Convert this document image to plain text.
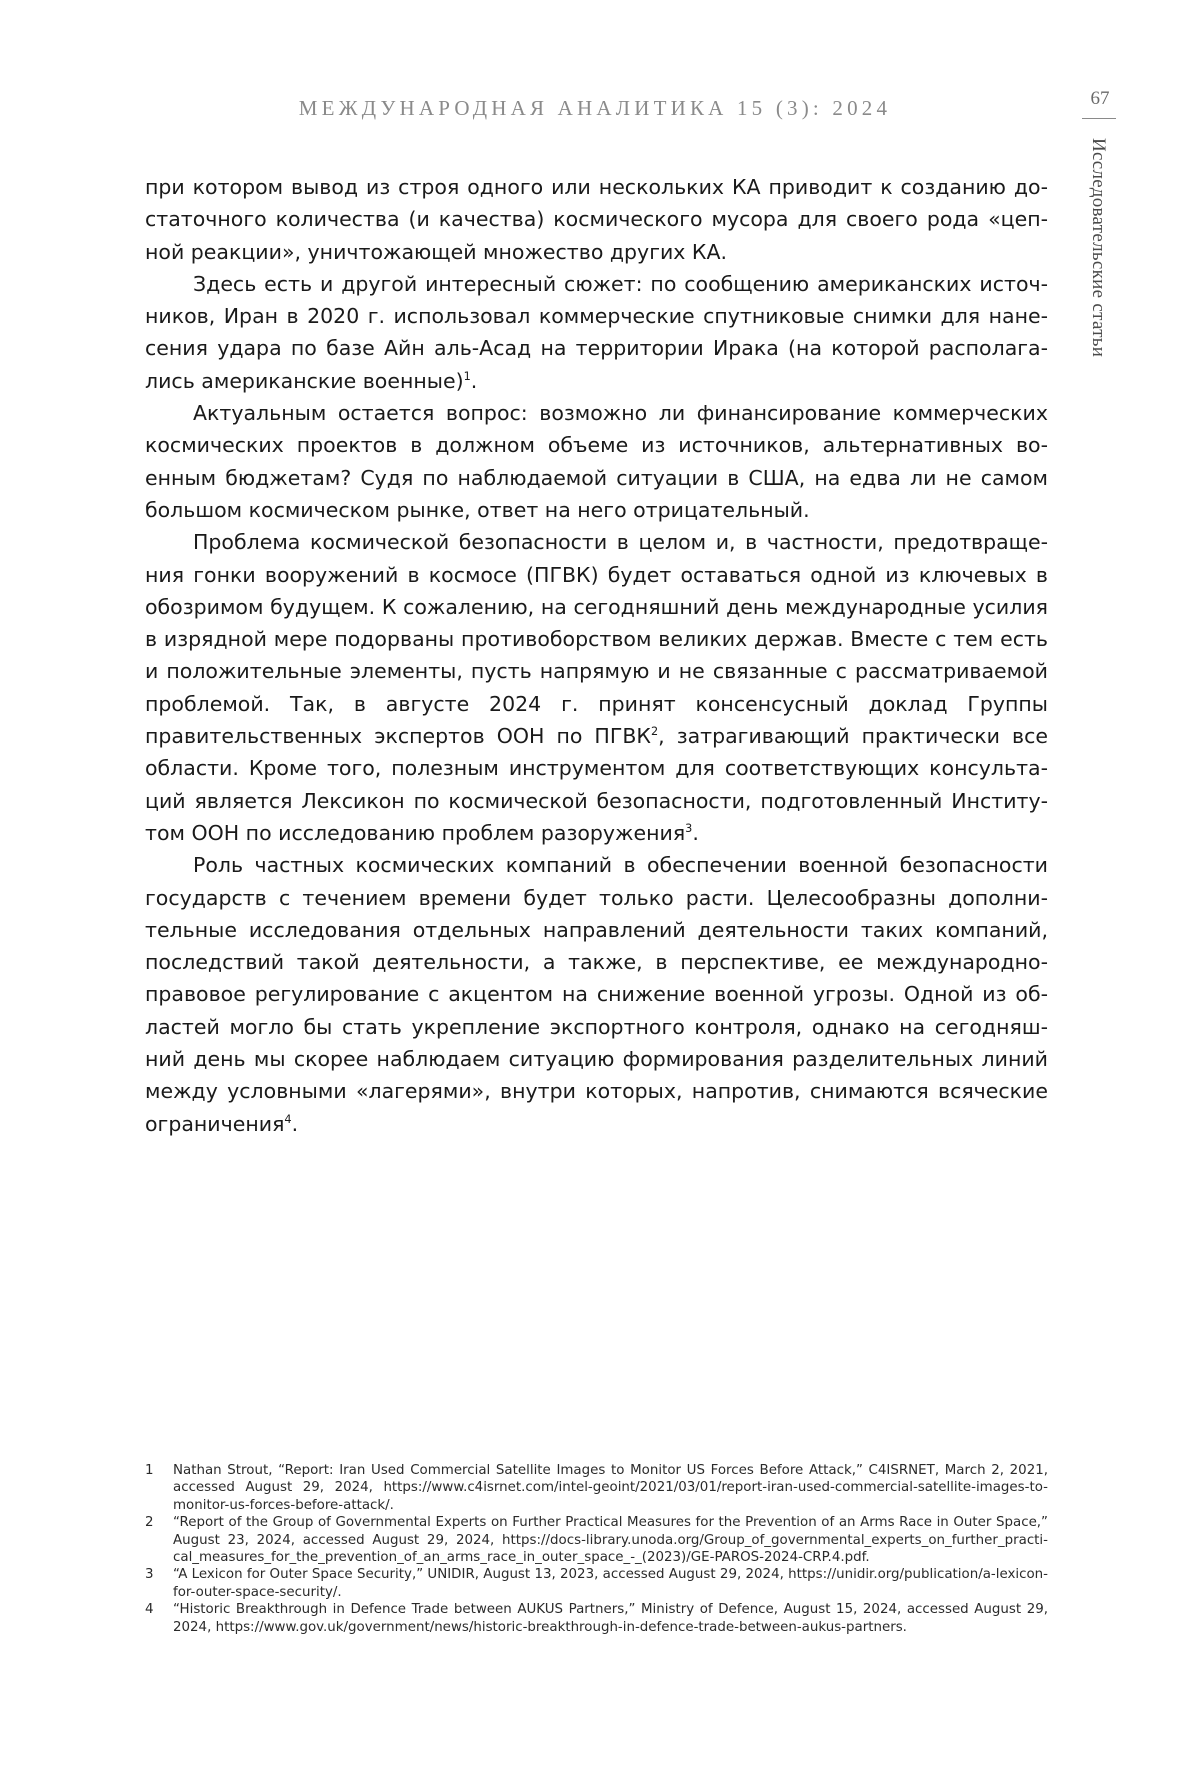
МЕЖДУНАРОДНАЯ АНАЛИТИКА 15 (3): 2024	67
Исследовательские статьи

при котором вывод из строя одного или нескольких КА приводит к созданию достаточного количества (и качества) космического мусора для своего рода «цепной реакции», уничтожающей множество других КА.

Здесь есть и другой интересный сюжет: по сообщению американских источников, Иран в 2020 г. использовал коммерческие спутниковые снимки для нанесения удара по базе Айн аль-Асад на территории Ирака (на которой располагались американские военные)$^1$.

Актуальным остается вопрос: возможно ли финансирование коммерческих космических проектов в должном объеме из источников, альтернативных военным бюджетам? Судя по наблюдаемой ситуации в США, на едва ли не самом большом космическом рынке, ответ на него отрицательный.

Проблема космической безопасности в целом и, в частности, предотвращения гонки вооружений в космосе (ПГВК) будет оставаться одной из ключевых в обозримом будущем. К сожалению, на сегодняшний день международные усилия в изрядной мере подорваны противоборством великих держав. Вместе с тем есть и положительные элементы, пусть напрямую и не связанные с рассматриваемой проблемой. Так, в августе 2024 г. принят консенсусный доклад Группы правительственных экспертов ООН по ПГВК$^2$, затрагивающий практически все области. Кроме того, полезным инструментом для соответствующих консультаций является Лексикон по космической безопасности, подготовленный Институтом ООН по исследованию проблем разоружения$^3$.

Роль частных космических компаний в обеспечении военной безопасности государств с течением времени будет только расти. Целесообразны дополнительные исследования отдельных направлений деятельности таких компаний, последствий такой деятельности, а также, в перспективе, ее международно-правовое регулирование с акцентом на снижение военной угрозы. Одной из областей могло бы стать укрепление экспортного контроля, однако на сегодняшний день мы скорее наблюдаем ситуацию формирования разделительных линий между условными «лагерями», внутри которых, напротив, снимаются всяческие ограничения$^4$.

1	Nathan Strout, “Report: Iran Used Commercial Satellite Images to Monitor US Forces Before Attack,” C4ISRNET, March 2, 2021, accessed August 29, 2024, https://www.c4isrnet.com/intel-geoint/2021/03/01/report-iran-used-commercial-satellite-images-to-monitor-us-forces-before-attack/.
2	“Report of the Group of Governmental Experts on Further Practical Measures for the Prevention of an Arms Race in Outer Space,” August 23, 2024, accessed August 29, 2024, https://docs-library.unoda.org/Group_of_governmental_experts_on_further_practical_measures_for_the_prevention_of_an_arms_race_in_outer_space_-_(2023)/GE-PAROS-2024-CRP.4.pdf.
3	“A Lexicon for Outer Space Security,” UNIDIR, August 13, 2023, accessed August 29, 2024, https://unidir.org/publication/a-lexicon-for-outer-space-security/.
4	“Historic Breakthrough in Defence Trade between AUKUS Partners,” Ministry of Defence, August 15, 2024, accessed August 29, 2024, https://www.gov.uk/government/news/historic-breakthrough-in-defence-trade-between-aukus-partners.
